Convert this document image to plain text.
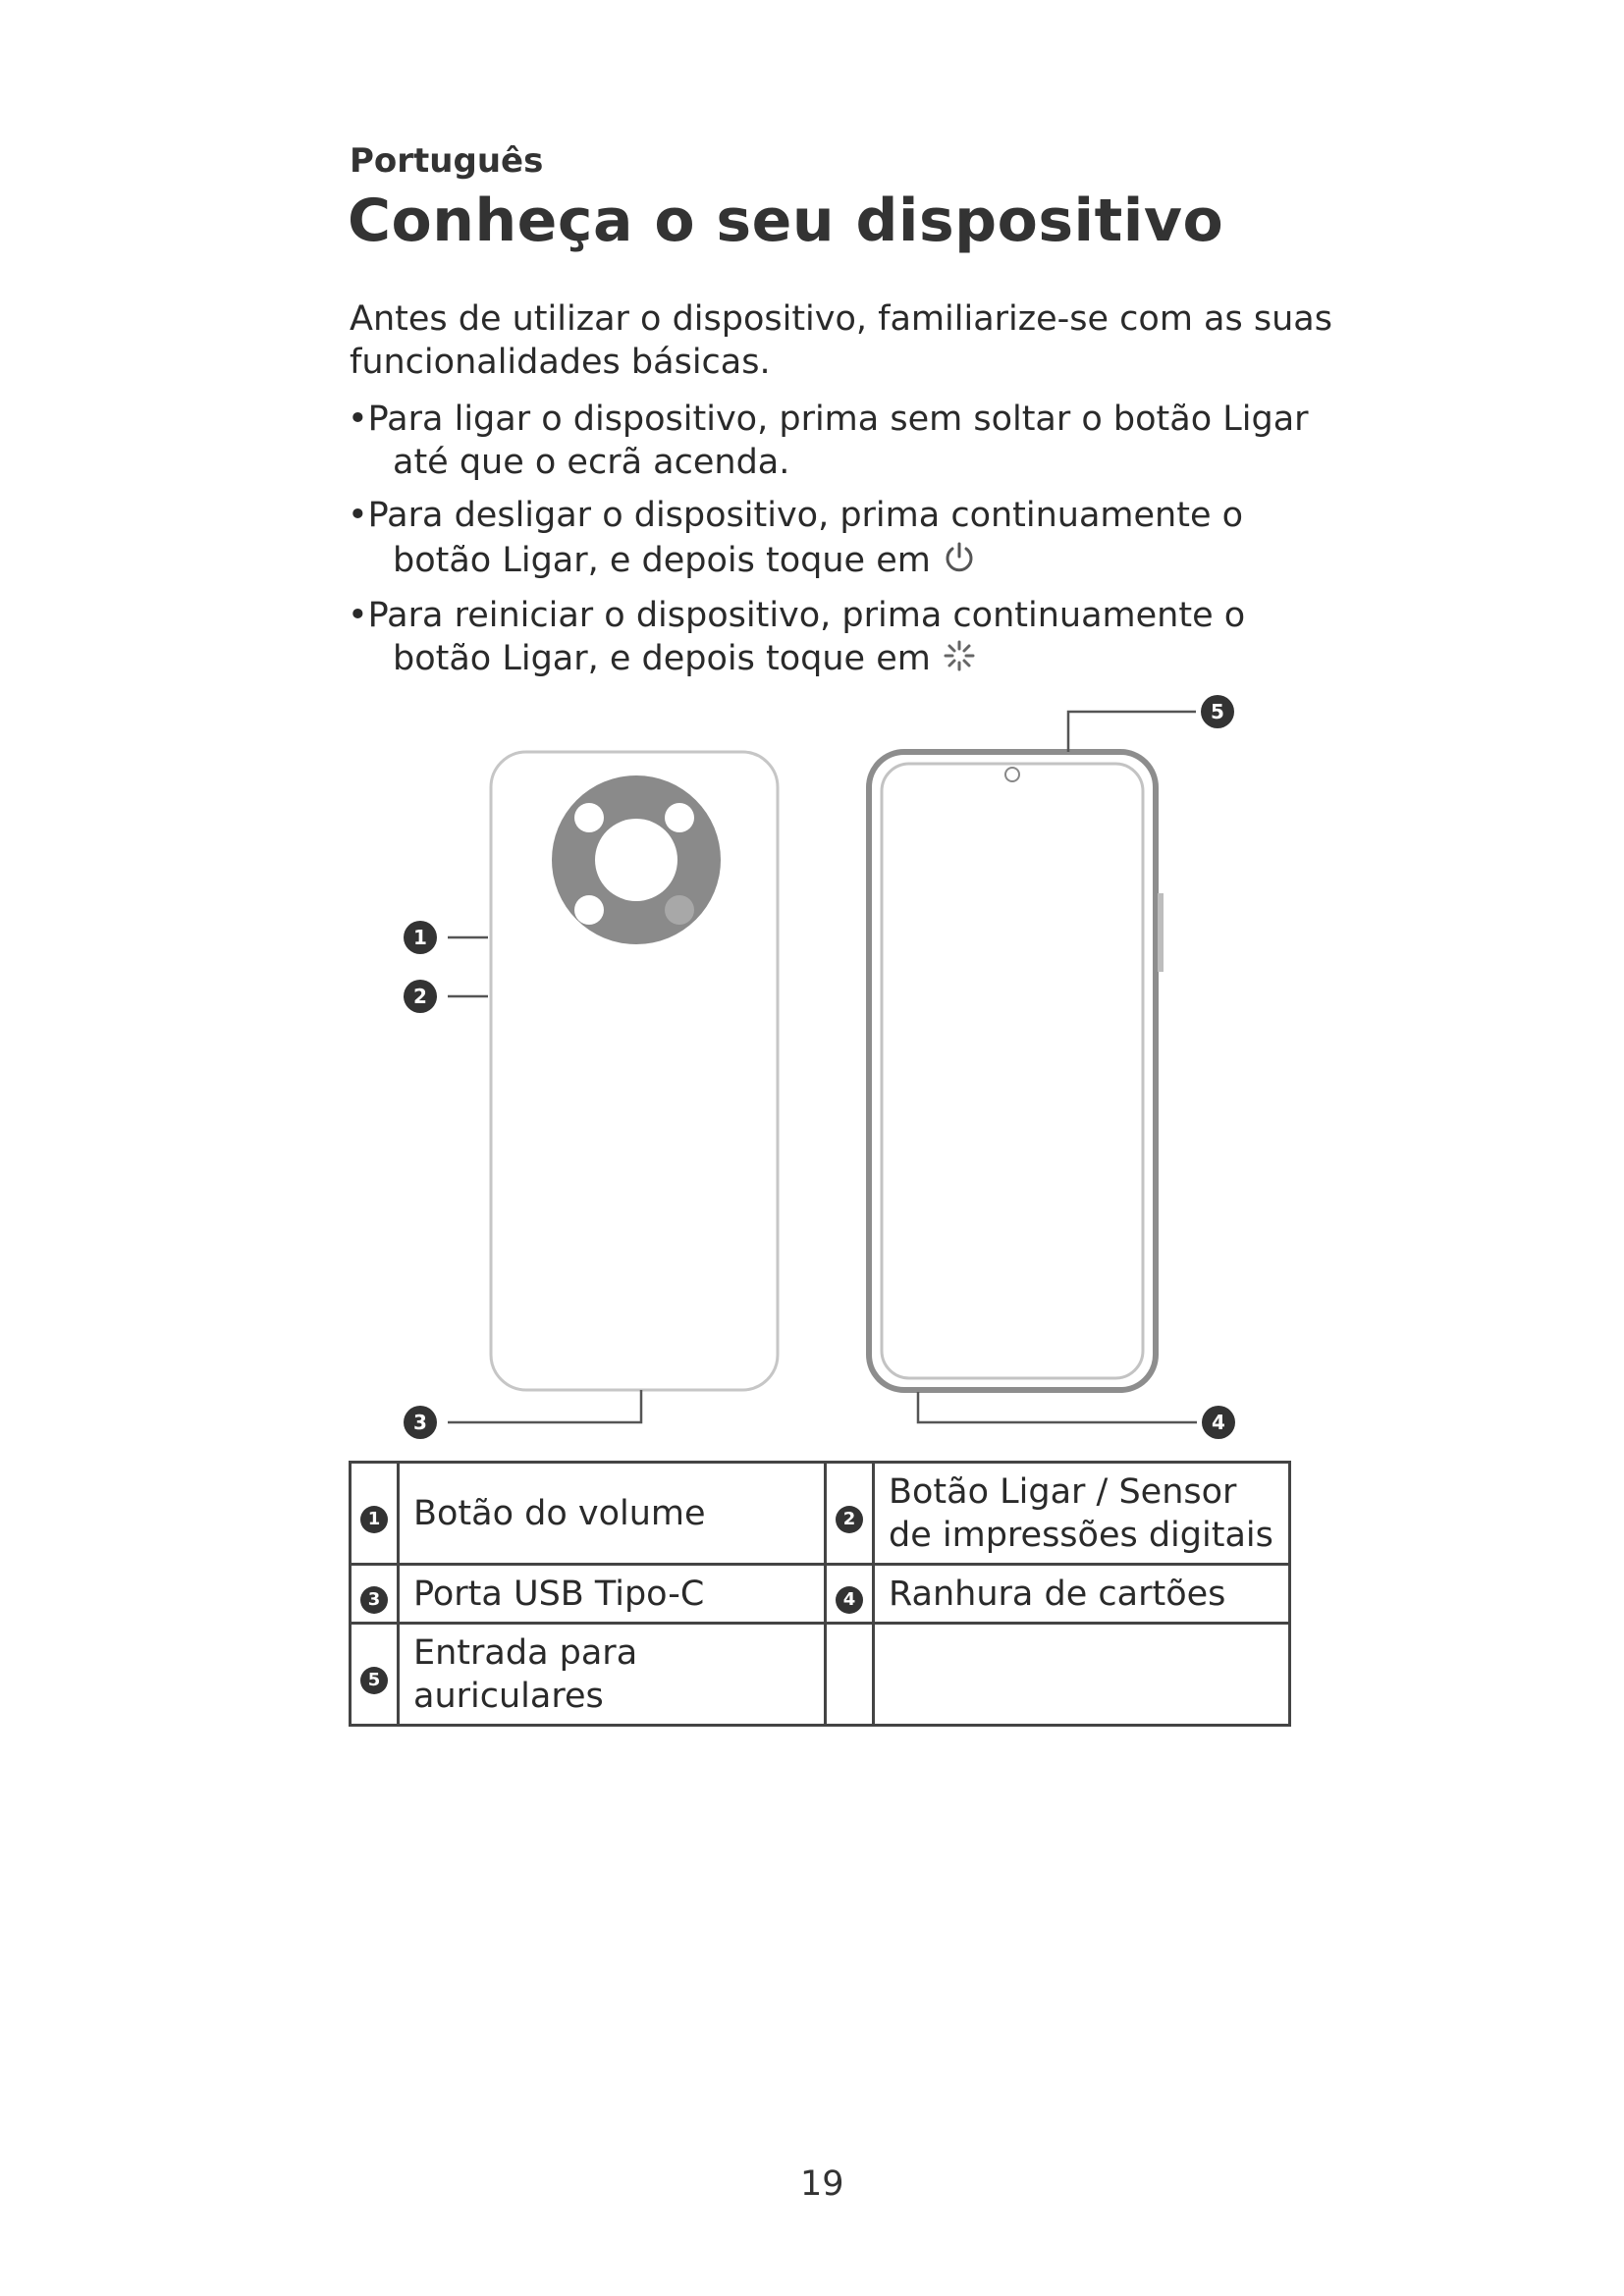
Português
Conheça o seu dispositivo
Antes de utilizar o dispositivo, familiarize-se com as suas
funcionalidades básicas.
•Para ligar o dispositivo, prima sem soltar o botão Ligar
até que o ecrã acenda.
•Para desligar o dispositivo, prima continuamente o
botão Ligar, e depois toque em
•Para reiniciar o dispositivo, prima continuamente o
botão Ligar, e depois toque em
1
2
3	4
5
1	Botão do volume	2	Botão Ligar / Sensor de impressões digitais
3	Porta USB Tipo-C	4	Ranhura de cartões
5	Entrada para auriculares		
19
